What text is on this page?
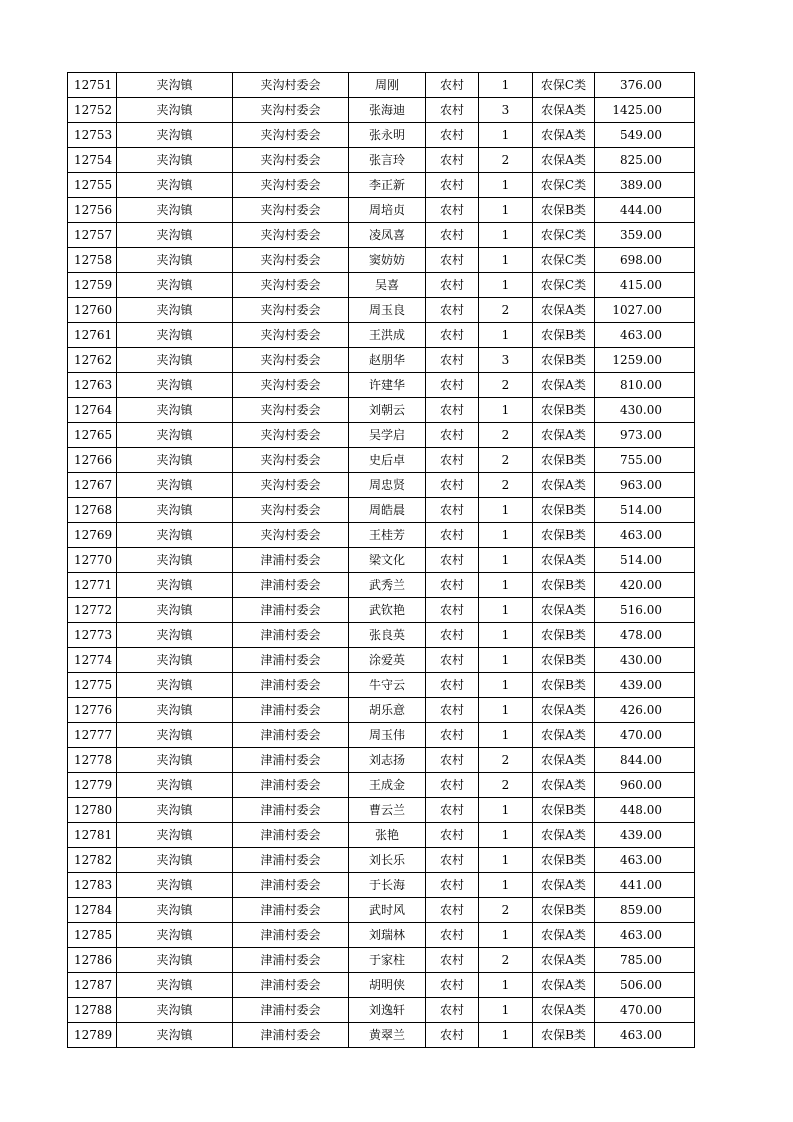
12751	夹沟镇	夹沟村委会	周刚	农村	1	农保C类	376.00
12752	夹沟镇	夹沟村委会	张海迪	农村	3	农保A类	1425.00
12753	夹沟镇	夹沟村委会	张永明	农村	1	农保A类	549.00
12754	夹沟镇	夹沟村委会	张言玲	农村	2	农保A类	825.00
12755	夹沟镇	夹沟村委会	李正新	农村	1	农保C类	389.00
12756	夹沟镇	夹沟村委会	周培贞	农村	1	农保B类	444.00
12757	夹沟镇	夹沟村委会	凌凤喜	农村	1	农保C类	359.00
12758	夹沟镇	夹沟村委会	窦妨妨	农村	1	农保C类	698.00
12759	夹沟镇	夹沟村委会	吴喜	农村	1	农保C类	415.00
12760	夹沟镇	夹沟村委会	周玉良	农村	2	农保A类	1027.00
12761	夹沟镇	夹沟村委会	王洪成	农村	1	农保B类	463.00
12762	夹沟镇	夹沟村委会	赵朋华	农村	3	农保B类	1259.00
12763	夹沟镇	夹沟村委会	许建华	农村	2	农保A类	810.00
12764	夹沟镇	夹沟村委会	刘朝云	农村	1	农保B类	430.00
12765	夹沟镇	夹沟村委会	吴学启	农村	2	农保A类	973.00
12766	夹沟镇	夹沟村委会	史后卓	农村	2	农保B类	755.00
12767	夹沟镇	夹沟村委会	周忠贤	农村	2	农保A类	963.00
12768	夹沟镇	夹沟村委会	周皓晨	农村	1	农保B类	514.00
12769	夹沟镇	夹沟村委会	王桂芳	农村	1	农保B类	463.00
12770	夹沟镇	津浦村委会	梁文化	农村	1	农保A类	514.00
12771	夹沟镇	津浦村委会	武秀兰	农村	1	农保B类	420.00
12772	夹沟镇	津浦村委会	武钦艳	农村	1	农保A类	516.00
12773	夹沟镇	津浦村委会	张良英	农村	1	农保B类	478.00
12774	夹沟镇	津浦村委会	涂爱英	农村	1	农保B类	430.00
12775	夹沟镇	津浦村委会	牛守云	农村	1	农保B类	439.00
12776	夹沟镇	津浦村委会	胡乐意	农村	1	农保A类	426.00
12777	夹沟镇	津浦村委会	周玉伟	农村	1	农保A类	470.00
12778	夹沟镇	津浦村委会	刘志扬	农村	2	农保A类	844.00
12779	夹沟镇	津浦村委会	王成金	农村	2	农保A类	960.00
12780	夹沟镇	津浦村委会	曹云兰	农村	1	农保B类	448.00
12781	夹沟镇	津浦村委会	张艳	农村	1	农保A类	439.00
12782	夹沟镇	津浦村委会	刘长乐	农村	1	农保B类	463.00
12783	夹沟镇	津浦村委会	于长海	农村	1	农保A类	441.00
12784	夹沟镇	津浦村委会	武时风	农村	2	农保B类	859.00
12785	夹沟镇	津浦村委会	刘瑞林	农村	1	农保A类	463.00
12786	夹沟镇	津浦村委会	于家柱	农村	2	农保A类	785.00
12787	夹沟镇	津浦村委会	胡明侠	农村	1	农保A类	506.00
12788	夹沟镇	津浦村委会	刘逸轩	农村	1	农保A类	470.00
12789	夹沟镇	津浦村委会	黄翠兰	农村	1	农保B类	463.00
